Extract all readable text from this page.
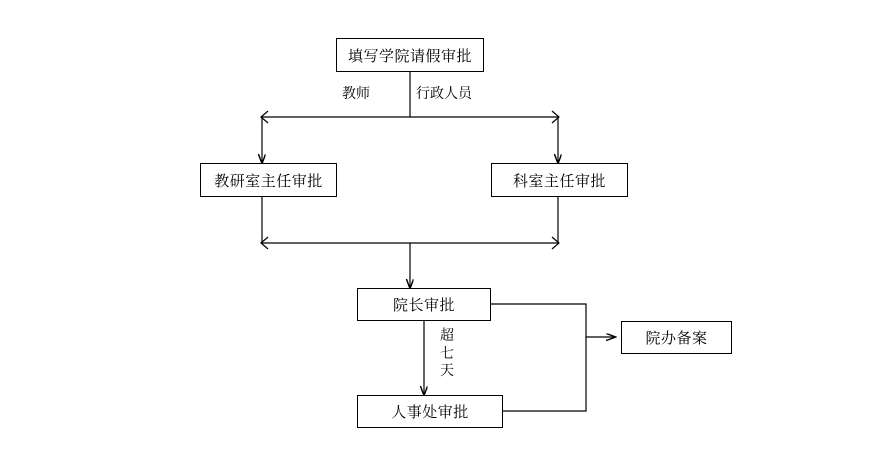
填写学院请假审批
教研室主任审批	科室主任审批
院长审批
人事处审批
院办备案
教师	行政人员
超七天
